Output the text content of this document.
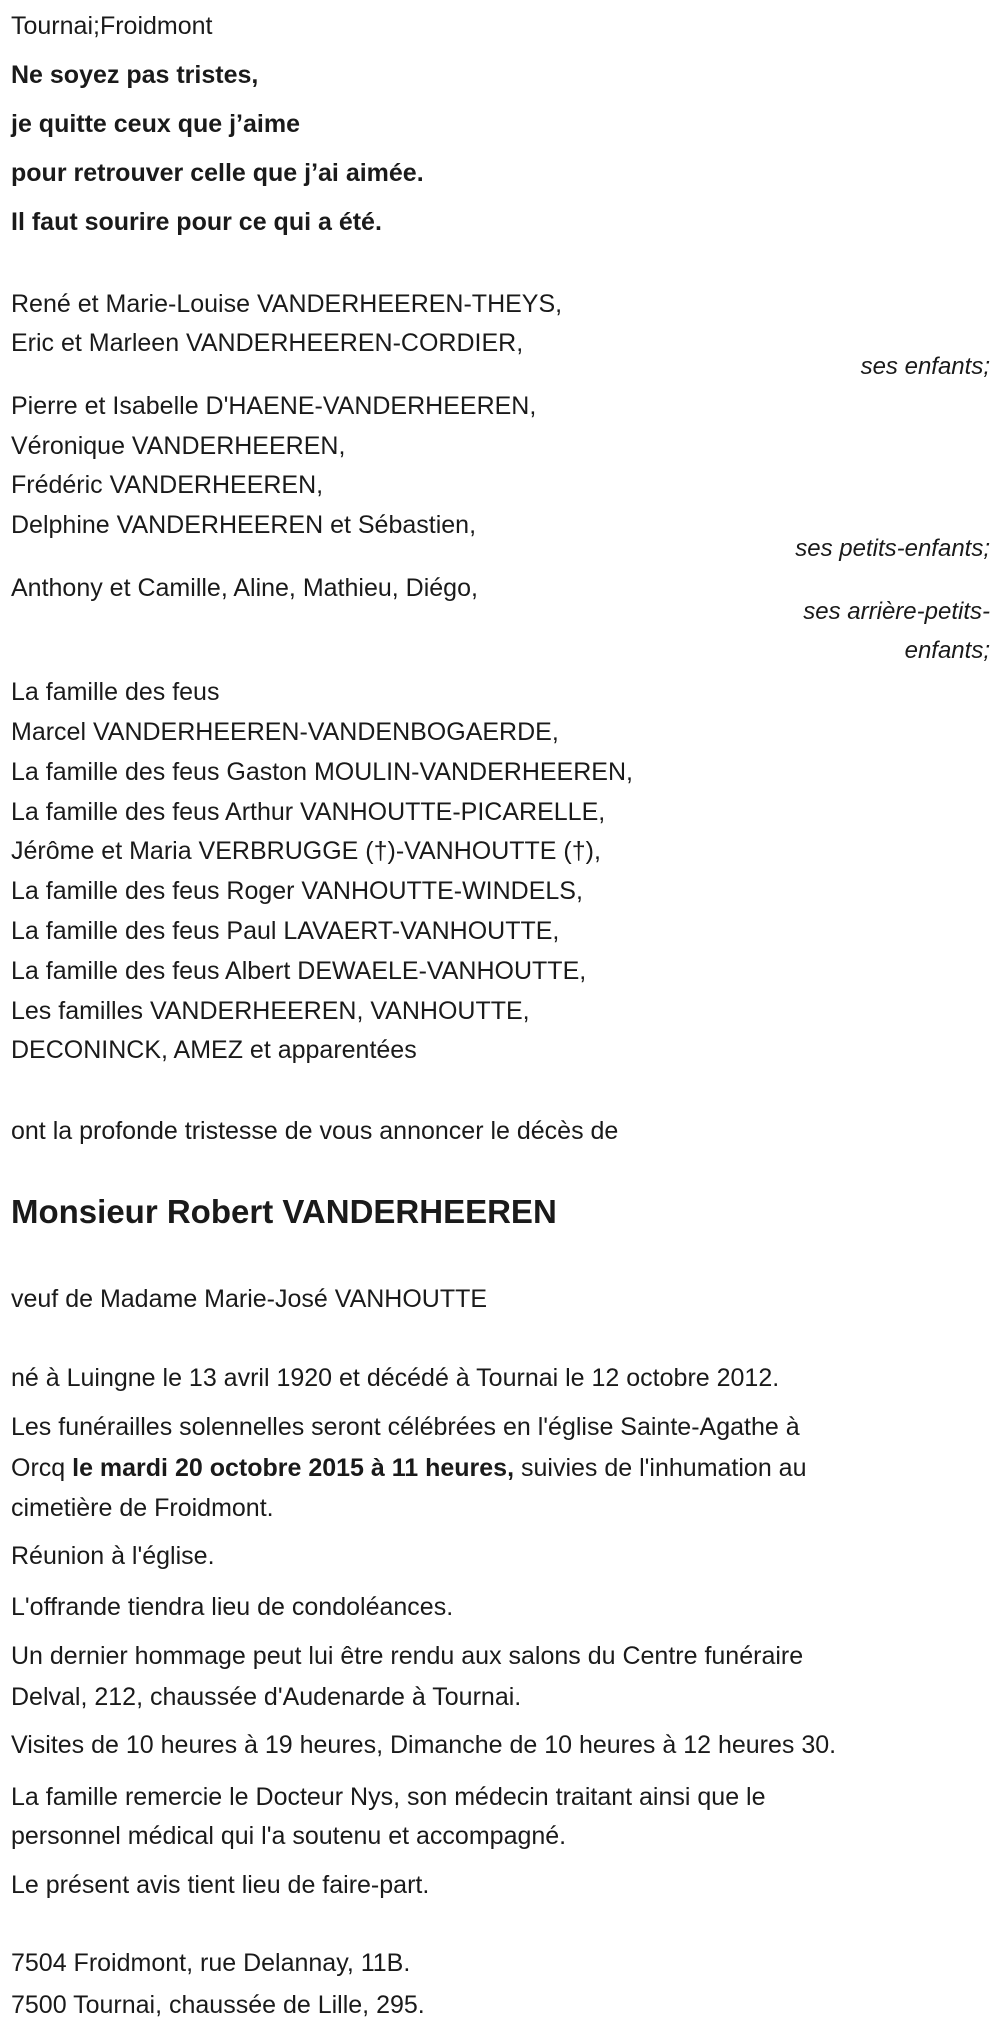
Tournai;Froidmont
Ne soyez pas tristes,
je quitte ceux que j’aime
pour retrouver celle que j’ai aimée.
Il faut sourire pour ce qui a été.
René et Marie-Louise VANDERHEEREN-THEYS,
Eric et Marleen VANDERHEEREN-CORDIER,
ses enfants;
Pierre et Isabelle D'HAENE-VANDERHEEREN,
Véronique VANDERHEEREN,
Frédéric VANDERHEEREN,
Delphine VANDERHEEREN et Sébastien,
ses petits-enfants;
Anthony et Camille, Aline, Mathieu, Diégo,
ses arrière-petits-
enfants;
La famille des feus
Marcel VANDERHEEREN-VANDENBOGAERDE,
La famille des feus Gaston MOULIN-VANDERHEEREN,
La famille des feus Arthur VANHOUTTE-PICARELLE,
Jérôme et Maria VERBRUGGE (†)-VANHOUTTE (†),
La famille des feus Roger VANHOUTTE-WINDELS,
La famille des feus Paul LAVAERT-VANHOUTTE,
La famille des feus Albert DEWAELE-VANHOUTTE,
Les familles VANDERHEEREN, VANHOUTTE,
DECONINCK, AMEZ et apparentées
ont la profonde tristesse de vous annoncer le décès de
Monsieur Robert VANDERHEEREN
veuf de Madame Marie-José VANHOUTTE
né à Luingne le 13 avril 1920 et décédé à Tournai le 12 octobre 2012.
Les funérailles solennelles seront célébrées en l'église Sainte-Agathe à
Orcq le mardi 20 octobre 2015 à 11 heures, suivies de l'inhumation au
cimetière de Froidmont.
Réunion à l'église.
L'offrande tiendra lieu de condoléances.
Un dernier hommage peut lui être rendu aux salons du Centre funéraire
Delval, 212, chaussée d'Audenarde à Tournai.
Visites de 10 heures à 19 heures, Dimanche de 10 heures à 12 heures 30.
La famille remercie le Docteur Nys, son médecin traitant ainsi que le
personnel médical qui l'a soutenu et accompagné.
Le présent avis tient lieu de faire-part.
7504 Froidmont, rue Delannay, 11B.
7500 Tournai, chaussée de Lille, 295.
